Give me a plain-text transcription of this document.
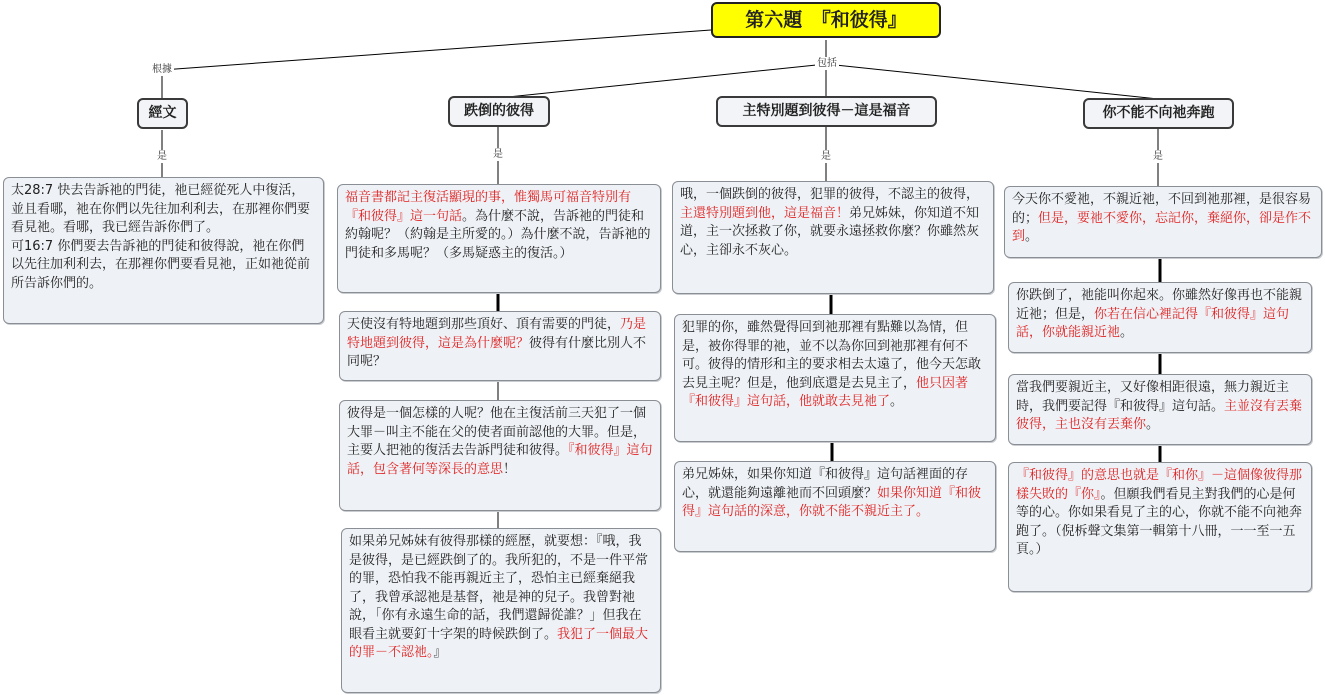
第六題　『和彼得』
根據
包括
是	是	是	是
經文	跌倒的彼得	主特別題到彼得－這是福音	你不能不向祂奔跑
太28:7 快去告訴祂的門徒，祂已經從死人中復活，並且看哪，祂在你們以先往加利利去，在那裡你們要看見祂。看哪，我已經告訴你們了。
可16:7 你們要去告訴祂的門徒和彼得說，祂在你們以先往加利利去，在那裡你們要看見祂，正如祂從前所告訴你們的。
福音書都記主復活顯現的事，惟獨馬可福音特別有『和彼得』這一句話。為什麼不說，告訴祂的門徒和約翰呢？（約翰是主所愛的。）為什麼不說，告訴祂的門徒和多馬呢？（多馬疑惑主的復活。）
天使沒有特地題到那些頂好、頂有需要的門徒，乃是特地題到彼得，這是為什麼呢？彼得有什麼比別人不同呢？
彼得是一個怎樣的人呢？他在主復活前三天犯了一個大罪－叫主不能在父的使者面前認他的大罪。但是，主要人把祂的復活去告訴門徒和彼得。『和彼得』這句話，包含著何等深長的意思！
如果弟兄姊妹有彼得那樣的經歷，就要想：『哦，我是彼得，是已經跌倒了的。我所犯的，不是一件平常的罪，恐怕我不能再親近主了，恐怕主已經棄絕我了，我曾承認祂是基督，祂是神的兒子。我曾對祂說，「你有永遠生命的話，我們還歸從誰？」但我在眼看主就要釘十字架的時候跌倒了。我犯了一個最大的罪－不認祂。』
哦，一個跌倒的彼得，犯罪的彼得，不認主的彼得，主還特別題到他，這是福音！弟兄姊妹，你知道不知道，主一次拯救了你，就要永遠拯救你麼？你雖然灰心，主卻永不灰心。
犯罪的你，雖然覺得回到祂那裡有點難以為情，但是，被你得罪的祂，並不以為你回到祂那裡有何不可。彼得的情形和主的要求相去太遠了，他今天怎敢去見主呢？但是，他到底還是去見主了，他只因著『和彼得』這句話，他就敢去見祂了。
弟兄姊妹，如果你知道『和彼得』這句話裡面的存心，就還能夠遠離祂而不回頭麼？如果你知道『和彼得』這句話的深意，你就不能不親近主了。
今天你不愛祂，不親近祂，不回到祂那裡，是很容易的；但是，要祂不愛你，忘記你，棄絕你，卻是作不到。
你跌倒了，祂能叫你起來。你雖然好像再也不能親近祂；但是，你若在信心裡記得『和彼得』這句話，你就能親近祂。
當我們要親近主，又好像相距很遠，無力親近主時，我們要記得『和彼得』這句話。主並沒有丟棄彼得，主也沒有丟棄你。
『和彼得』的意思也就是『和你』－這個像彼得那樣失敗的『你』。但願我們看見主對我們的心是何等的心。你如果看見了主的心，你就不能不向祂奔跑了。（倪柝聲文集第一輯第十八冊，一一至一五頁。）
